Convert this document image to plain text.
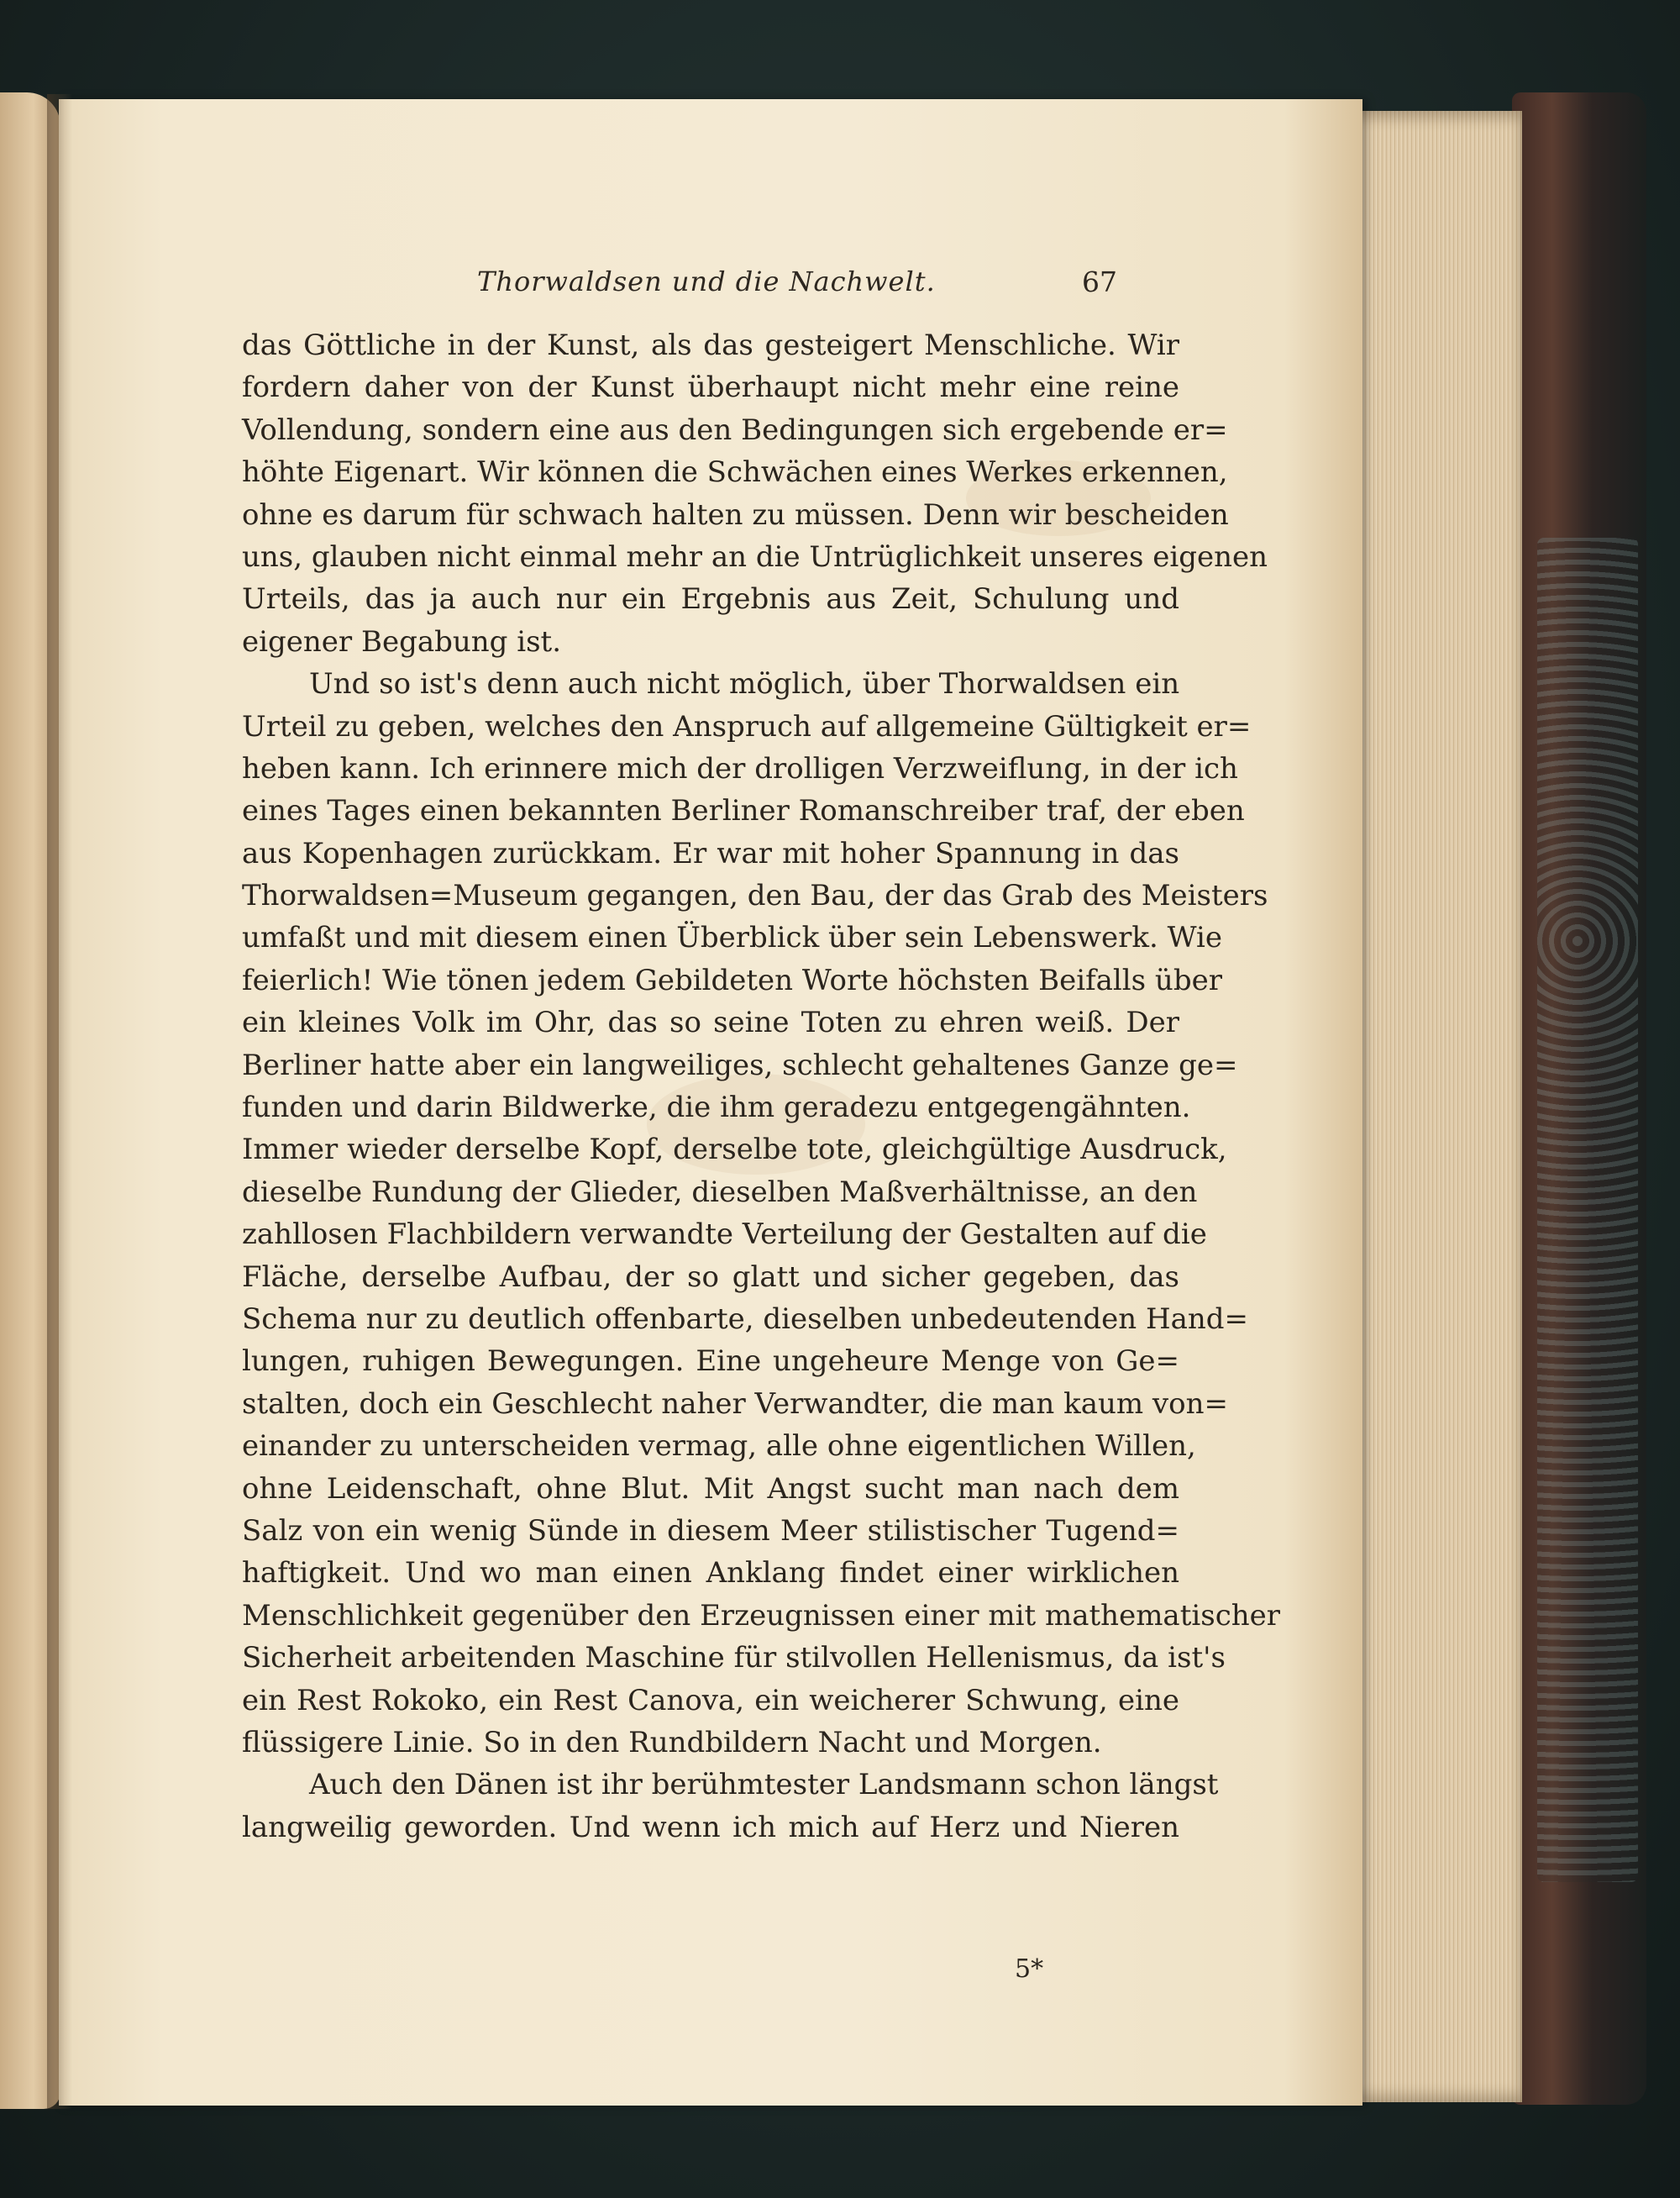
Thorwaldsen und die Nachwelt.	67
das Göttliche in der Kunst, als das gesteigert Menschliche. Wir
fordern daher von der Kunst überhaupt nicht mehr eine reine
Vollendung, sondern eine aus den Bedingungen sich ergebende er=
höhte Eigenart. Wir können die Schwächen eines Werkes erkennen,
ohne es darum für schwach halten zu müssen. Denn wir bescheiden
uns, glauben nicht einmal mehr an die Untrüglichkeit unseres eigenen
Urteils, das ja auch nur ein Ergebnis aus Zeit, Schulung und
eigener Begabung ist.
Und so ist's denn auch nicht möglich, über Thorwaldsen ein
Urteil zu geben, welches den Anspruch auf allgemeine Gültigkeit er=
heben kann. Ich erinnere mich der drolligen Verzweiflung, in der ich
eines Tages einen bekannten Berliner Romanschreiber traf, der eben
aus Kopenhagen zurückkam. Er war mit hoher Spannung in das
Thorwaldsen=Museum gegangen, den Bau, der das Grab des Meisters
umfaßt und mit diesem einen Überblick über sein Lebenswerk. Wie
feierlich! Wie tönen jedem Gebildeten Worte höchsten Beifalls über
ein kleines Volk im Ohr, das so seine Toten zu ehren weiß. Der
Berliner hatte aber ein langweiliges, schlecht gehaltenes Ganze ge=
funden und darin Bildwerke, die ihm geradezu entgegengähnten.
Immer wieder derselbe Kopf, derselbe tote, gleichgültige Ausdruck,
dieselbe Rundung der Glieder, dieselben Maßverhältnisse, an den
zahllosen Flachbildern verwandte Verteilung der Gestalten auf die
Fläche, derselbe Aufbau, der so glatt und sicher gegeben, das
Schema nur zu deutlich offenbarte, dieselben unbedeutenden Hand=
lungen, ruhigen Bewegungen. Eine ungeheure Menge von Ge=
stalten, doch ein Geschlecht naher Verwandter, die man kaum von=
einander zu unterscheiden vermag, alle ohne eigentlichen Willen,
ohne Leidenschaft, ohne Blut. Mit Angst sucht man nach dem
Salz von ein wenig Sünde in diesem Meer stilistischer Tugend=
haftigkeit. Und wo man einen Anklang findet einer wirklichen
Menschlichkeit gegenüber den Erzeugnissen einer mit mathematischer
Sicherheit arbeitenden Maschine für stilvollen Hellenismus, da ist's
ein Rest Rokoko, ein Rest Canova, ein weicherer Schwung, eine
flüssigere Linie. So in den Rundbildern Nacht und Morgen.
Auch den Dänen ist ihr berühmtester Landsmann schon längst
langweilig geworden. Und wenn ich mich auf Herz und Nieren
5*
